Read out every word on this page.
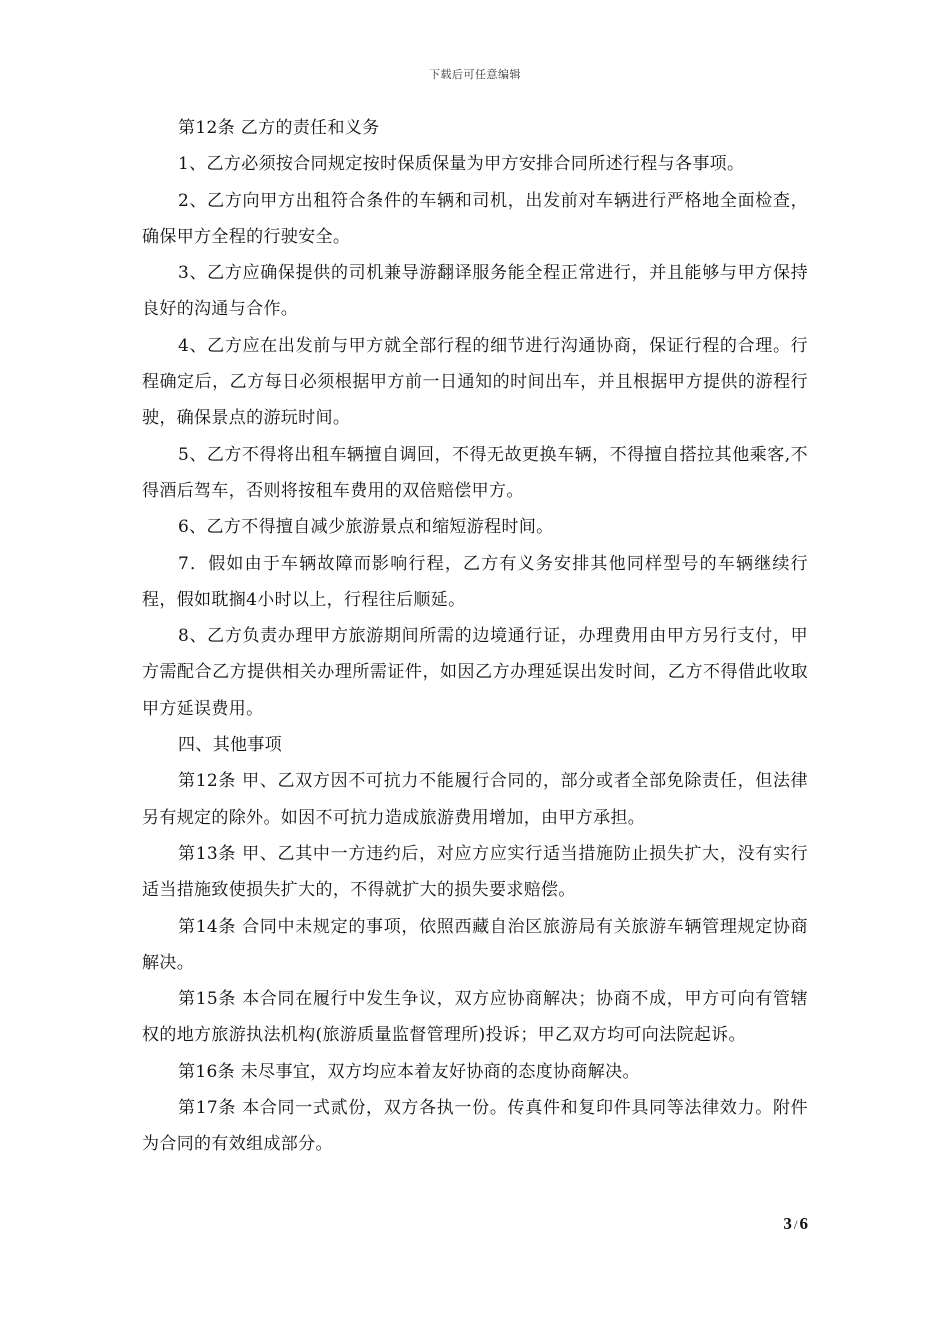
下载后可任意编辑

第12条 乙方的责任和义务

1、乙方必须按合同规定按时保质保量为甲方安排合同所述行程与各事项。

2、乙方向甲方出租符合条件的车辆和司机，出发前对车辆进行严格地全面检查，确保甲方全程的行驶安全。

3、乙方应确保提供的司机兼导游翻译服务能全程正常进行，并且能够与甲方保持良好的沟通与合作。

4、乙方应在出发前与甲方就全部行程的细节进行沟通协商，保证行程的合理。行程确定后，乙方每日必须根据甲方前一日通知的时间出车，并且根据甲方提供的游程行驶，确保景点的游玩时间。

5、乙方不得将出租车辆擅自调回，不得无故更换车辆，不得擅自搭拉其他乘客,不得酒后驾车，否则将按租车费用的双倍赔偿甲方。

6、乙方不得擅自减少旅游景点和缩短游程时间。

7．假如由于车辆故障而影响行程，乙方有义务安排其他同样型号的车辆继续行程，假如耽搁4小时以上，行程往后顺延。

8、乙方负责办理甲方旅游期间所需的边境通行证，办理费用由甲方另行支付，甲方需配合乙方提供相关办理所需证件，如因乙方办理延误出发时间，乙方不得借此收取甲方延误费用。

四、其他事项

第12条 甲、乙双方因不可抗力不能履行合同的，部分或者全部免除责任，但法律另有规定的除外。如因不可抗力造成旅游费用增加，由甲方承担。

第13条 甲、乙其中一方违约后，对应方应实行适当措施防止损失扩大，没有实行适当措施致使损失扩大的，不得就扩大的损失要求赔偿。

第14条 合同中未规定的事项，依照西藏自治区旅游局有关旅游车辆管理规定协商解决。

第15条 本合同在履行中发生争议，双方应协商解决；协商不成，甲方可向有管辖权的地方旅游执法机构(旅游质量监督管理所)投诉；甲乙双方均可向法院起诉。

第16条 未尽事宜，双方均应本着友好协商的态度协商解决。

第17条 本合同一式贰份，双方各执一份。传真件和复印件具同等法律效力。附件为合同的有效组成部分。

3 / 6
